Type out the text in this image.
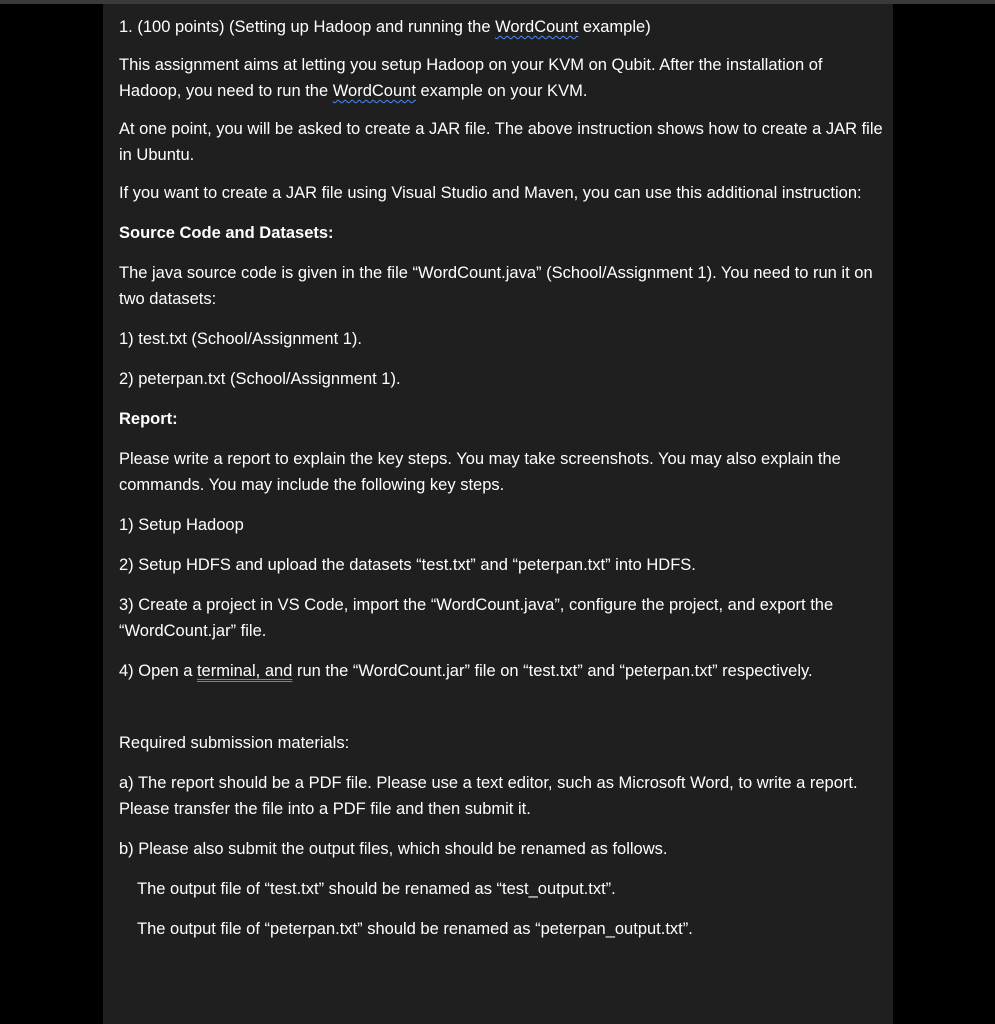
1. (100 points) (Setting up Hadoop and running the WordCount example)

This assignment aims at letting you setup Hadoop on your KVM on Qubit. After the installation of Hadoop, you need to run the WordCount example on your KVM.

At one point, you will be asked to create a JAR file. The above instruction shows how to create a JAR file in Ubuntu.

If you want to create a JAR file using Visual Studio and Maven, you can use this additional instruction:

Source Code and Datasets:

The java source code is given in the file “WordCount.java” (School/Assignment 1). You need to run it on two datasets:

1) test.txt (School/Assignment 1).

2) peterpan.txt (School/Assignment 1).

Report:

Please write a report to explain the key steps. You may take screenshots. You may also explain the commands. You may include the following key steps.

1) Setup Hadoop

2) Setup HDFS and upload the datasets “test.txt” and “peterpan.txt” into HDFS.

3) Create a project in VS Code, import the “WordCount.java”, configure the project, and export the “WordCount.jar” file.

4) Open a terminal, and run the “WordCount.jar” file on “test.txt” and “peterpan.txt” respectively.

Required submission materials:

a) The report should be a PDF file. Please use a text editor, such as Microsoft Word, to write a report. Please transfer the file into a PDF file and then submit it.

b) Please also submit the output files, which should be renamed as follows.

The output file of “test.txt” should be renamed as “test_output.txt”.

The output file of “peterpan.txt” should be renamed as “peterpan_output.txt”.
